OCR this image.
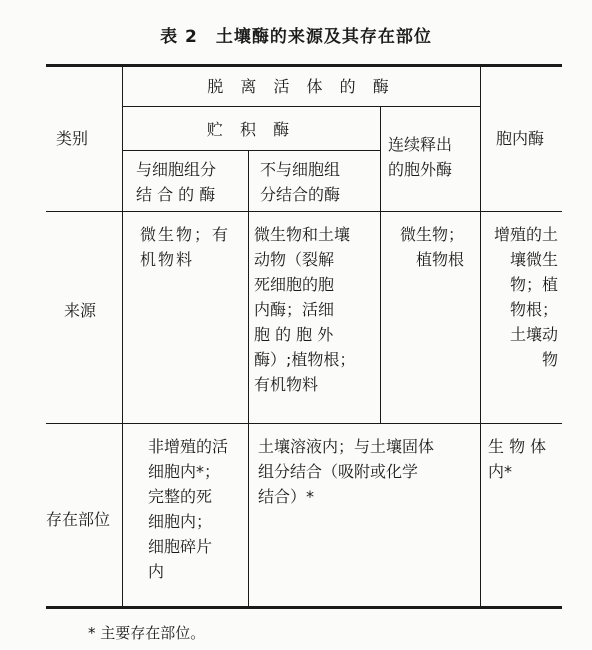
表 2　土壤酶的来源及其存在部位
类别
脱 离 活 体 的 酶
贮 积 酶
与细胞组分
结 合 的 酶
不与细胞组
分结合的酶
连续释出
的胞外酶
胞内酶
来源
微生物；有
机物料
微生物和土壤
动物（裂解
死细胞的胞
内酶；活细
胞 的 胞 外
酶）;植物根；
有机物料
微生物；
植物根
增殖的土
壤微生
物；植
物根；
土壤动
物
存在部位
非增殖的活
细胞内*；
完整的死
细胞内；
细胞碎片
内
土壤溶液内；与土壤固体
组分结合（吸附或化学
结合）*
生 物 体
内*
* 主要存在部位。
